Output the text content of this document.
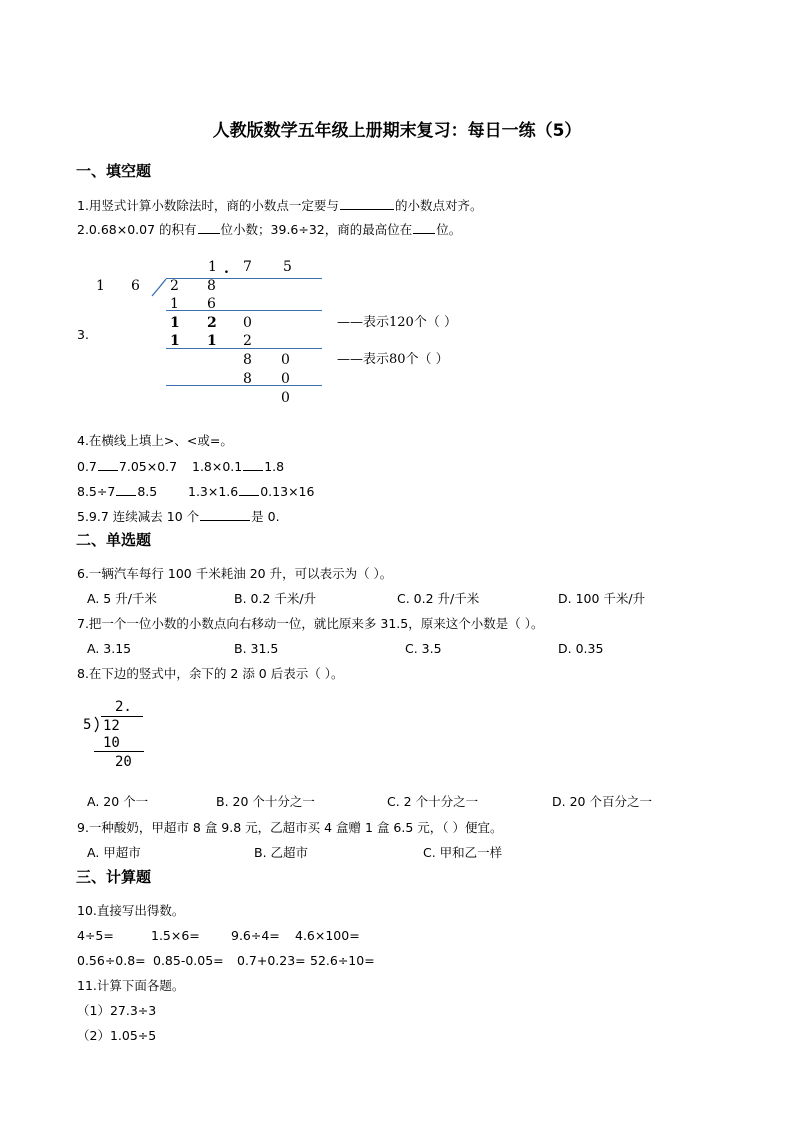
人教版数学五年级上册期末复习：每日一练（5）
一、填空题
1.用竖式计算小数除法时，商的小数点一定要与	的小数点对齐。
2.0.68×0.07 的积有 位小数；39.6÷32，商的最高位在 位。
3.
1 . 7 5
1 6 2 8
1 6
1 2 0	——表示120个（ ）
1 1 2
8 0	——表示80个（ ）
8 0
0
4.在横线上填上>、<或=。
0.7 7.05×0.7 1.8×0.1 1.8
8.5÷7 8.5 1.3×1.6 0.13×16
5.9.7 连续减去 10 个	是 0.
二、单选题
6.一辆汽车每行 100 千米耗油 20 升，可以表示为（ ）。
A. 5 升/千米	B. 0.2 千米/升	C. 0.2 升/千米	D. 100 千米/升
7.把一个一位小数的小数点向右移动一位，就比原来多 31.5，原来这个小数是（ ）。
A. 3.15	B. 31.5	C. 3.5	D. 0.35
8.在下边的竖式中，余下的 2 添 0 后表示（ ）。
2.
5 12
10
20
A. 20 个一	B. 20 个十分之一	C. 2 个十分之一	D. 20 个百分之一
9.一种酸奶，甲超市 8 盒 9.8 元，乙超市买 4 盒赠 1 盒 6.5 元，（ ）便宜。
A. 甲超市	B. 乙超市	C. 甲和乙一样
三、计算题
10.直接写出得数。
4÷5=	1.5×6= 9.6÷4= 4.6×100=
0.56÷0.8= 0.85-0.05= 0.7+0.23= 52.6÷10=
11.计算下面各题。
（1）27.3÷3
（2）1.05÷5
